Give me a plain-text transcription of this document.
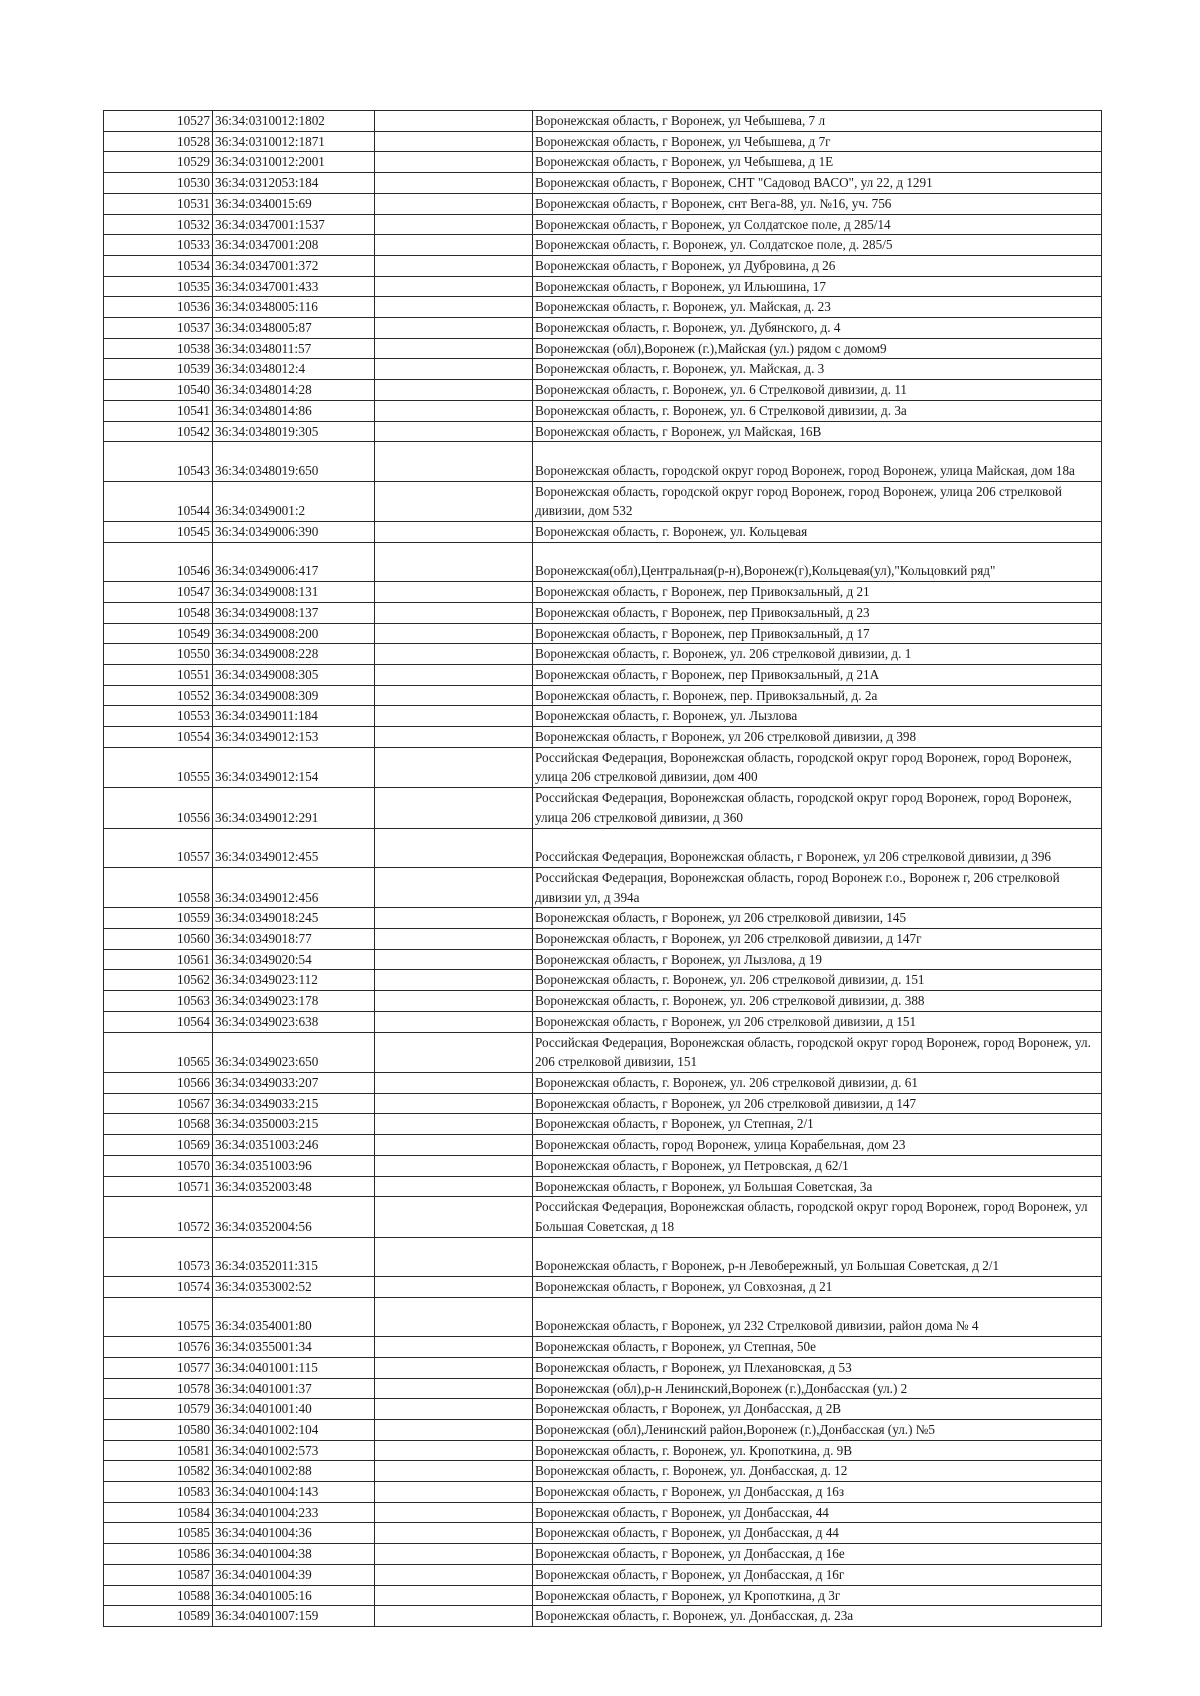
10527	36:34:0310012:1802		Воронежская область, г Воронеж, ул Чебышева, 7 л
10528	36:34:0310012:1871		Воронежская область, г Воронеж, ул Чебышева, д 7г
10529	36:34:0310012:2001		Воронежская область, г Воронеж, ул Чебышева, д 1Е
10530	36:34:0312053:184		Воронежская область, г Воронеж, СНТ "Садовод ВАСО", ул 22, д 1291
10531	36:34:0340015:69		Воронежская область, г Воронеж, снт Вега-88, ул. №16, уч. 756
10532	36:34:0347001:1537		Воронежская область, г Воронеж, ул Солдатское поле, д 285/14
10533	36:34:0347001:208		Воронежская область, г. Воронеж, ул. Солдатское поле, д. 285/5
10534	36:34:0347001:372		Воронежская область, г Воронеж, ул Дубровина, д 26
10535	36:34:0347001:433		Воронежская область, г Воронеж, ул Ильюшина, 17
10536	36:34:0348005:116		Воронежская область, г. Воронеж, ул. Майская, д. 23
10537	36:34:0348005:87		Воронежская область, г. Воронеж, ул. Дубянского, д. 4
10538	36:34:0348011:57		Воронежская (обл),Воронеж (г.),Майская (ул.) рядом с домом9
10539	36:34:0348012:4		Воронежская область, г. Воронеж, ул. Майская, д. 3
10540	36:34:0348014:28		Воронежская область, г. Воронеж, ул. 6 Стрелковой дивизии, д. 11
10541	36:34:0348014:86		Воронежская область, г. Воронеж, ул. 6 Стрелковой дивизии, д. 3а
10542	36:34:0348019:305		Воронежская область, г Воронеж, ул Майская, 16В
10543	36:34:0348019:650		Воронежская область, городской округ город Воронеж, город Воронеж, улица Майская, дом 18а
10544	36:34:0349001:2		Воронежская область, городской округ город Воронеж, город Воронеж, улица 206 стрелковой дивизии, дом 532
10545	36:34:0349006:390		Воронежская область, г. Воронеж, ул. Кольцевая
10546	36:34:0349006:417		Воронежская(обл),Центральная(р-н),Воронеж(г),Кольцевая(ул),"Кольцовкий ряд"
10547	36:34:0349008:131		Воронежская область, г Воронеж, пер Привокзальный, д 21
10548	36:34:0349008:137		Воронежская область, г Воронеж, пер Привокзальный, д 23
10549	36:34:0349008:200		Воронежская область, г Воронеж, пер Привокзальный, д 17
10550	36:34:0349008:228		Воронежская область, г. Воронеж, ул. 206 стрелковой дивизии, д. 1
10551	36:34:0349008:305		Воронежская область, г Воронеж, пер Привокзальный, д 21А
10552	36:34:0349008:309		Воронежская область, г. Воронеж, пер. Привокзальный, д. 2а
10553	36:34:0349011:184		Воронежская область, г. Воронеж, ул. Лызлова
10554	36:34:0349012:153		Воронежская область, г Воронеж, ул 206 стрелковой дивизии, д 398
10555	36:34:0349012:154		Российская Федерация, Воронежская область, городской округ город Воронеж, город Воронеж, улица 206 стрелковой дивизии, дом 400
10556	36:34:0349012:291		Российская Федерация, Воронежская область, городской округ город Воронеж, город Воронеж, улица 206 стрелковой дивизии, д 360
10557	36:34:0349012:455		Российская Федерация, Воронежская область, г Воронеж, ул 206 стрелковой дивизии, д 396
10558	36:34:0349012:456		Российская Федерация, Воронежская область, город Воронеж г.о., Воронеж г, 206 стрелковой дивизии ул, д 394а
10559	36:34:0349018:245		Воронежская область, г Воронеж, ул 206 стрелковой дивизии, 145
10560	36:34:0349018:77		Воронежская область, г Воронеж, ул 206 стрелковой дивизии, д 147г
10561	36:34:0349020:54		Воронежская область, г Воронеж, ул Лызлова, д 19
10562	36:34:0349023:112		Воронежская область, г. Воронеж, ул. 206 стрелковой дивизии, д. 151
10563	36:34:0349023:178		Воронежская область, г. Воронеж, ул. 206 стрелковой дивизии, д. 388
10564	36:34:0349023:638		Воронежская область, г Воронеж, ул 206 стрелковой дивизии, д 151
10565	36:34:0349023:650		Российская Федерация, Воронежская область, городской округ город Воронеж, город Воронеж, ул. 206 стрелковой дивизии, 151
10566	36:34:0349033:207		Воронежская область, г. Воронеж, ул. 206 стрелковой дивизии, д. 61
10567	36:34:0349033:215		Воронежская область, г Воронеж, ул 206 стрелковой дивизии, д 147
10568	36:34:0350003:215		Воронежская область, г Воронеж, ул Степная, 2/1
10569	36:34:0351003:246		Воронежская область, город Воронеж, улица Корабельная, дом 23
10570	36:34:0351003:96		Воронежская область, г Воронеж, ул Петровская, д 62/1
10571	36:34:0352003:48		Воронежская область, г Воронеж, ул Большая Советская, 3а
10572	36:34:0352004:56		Российская Федерация, Воронежская область, городской округ город Воронеж, город Воронеж, ул Большая Советская, д 18
10573	36:34:0352011:315		Воронежская область, г Воронеж, р-н Левобережный, ул Большая Советская, д 2/1
10574	36:34:0353002:52		Воронежская область, г Воронеж, ул Совхозная, д 21
10575	36:34:0354001:80		Воронежская область, г Воронеж, ул 232 Стрелковой дивизии, район дома № 4
10576	36:34:0355001:34		Воронежская область, г Воронеж, ул Степная, 50е
10577	36:34:0401001:115		Воронежская область, г Воронеж, ул Плехановская, д 53
10578	36:34:0401001:37		Воронежская (обл),р-н Ленинский,Воронеж (г.),Донбасская (ул.) 2
10579	36:34:0401001:40		Воронежская область, г Воронеж, ул Донбасская, д 2В
10580	36:34:0401002:104		Воронежская (обл),Ленинский район,Воронеж (г.),Донбасская (ул.) №5
10581	36:34:0401002:573		Воронежская область, г. Воронеж, ул. Кропоткина, д. 9В
10582	36:34:0401002:88		Воронежская область, г. Воронеж, ул. Донбасская, д. 12
10583	36:34:0401004:143		Воронежская область, г Воронеж, ул Донбасская, д 16з
10584	36:34:0401004:233		Воронежская область, г Воронеж, ул Донбасская, 44
10585	36:34:0401004:36		Воронежская область, г Воронеж, ул Донбасская, д 44
10586	36:34:0401004:38		Воронежская область, г Воронеж, ул Донбасская, д 16е
10587	36:34:0401004:39		Воронежская область, г Воронеж, ул Донбасская, д 16г
10588	36:34:0401005:16		Воронежская область, г Воронеж, ул Кропоткина, д 3г
10589	36:34:0401007:159		Воронежская область, г. Воронеж, ул. Донбасская, д. 23а
